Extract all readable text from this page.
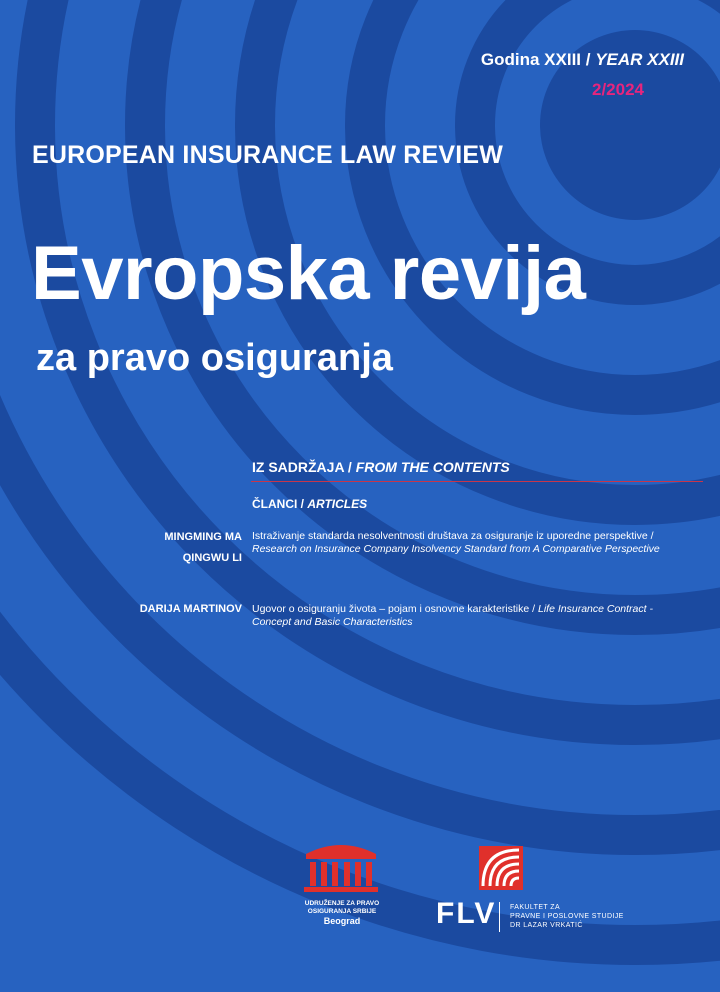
Godina XXIII / YEAR XXIII
2/2024
EUROPEAN INSURANCE LAW REVIEW
Evropska revija
za pravo osiguranja
IZ SADRŽAJA / FROM THE CONTENTS
ČLANCI / ARTICLES
MINGMING MA
QINGWU LI
Istraživanje standarda nesolventnosti društava za osiguranje iz uporedne perspektive / Research on Insurance Company Insolvency Standard from A Comparative Perspective
DARIJA MARTINOV Ugovor o osiguranju života – pojam i osnovne karakteristike / Life Insurance Contract - Concept and Basic Characteristics
UDRUŽENJE ZA PRAVO
OSIGURANJA SRBIJE
Beograd	FLV FAKULTET ZA
PRAVNE I POSLOVNE STUDIJE
DR LAZAR VRKATIĆ
